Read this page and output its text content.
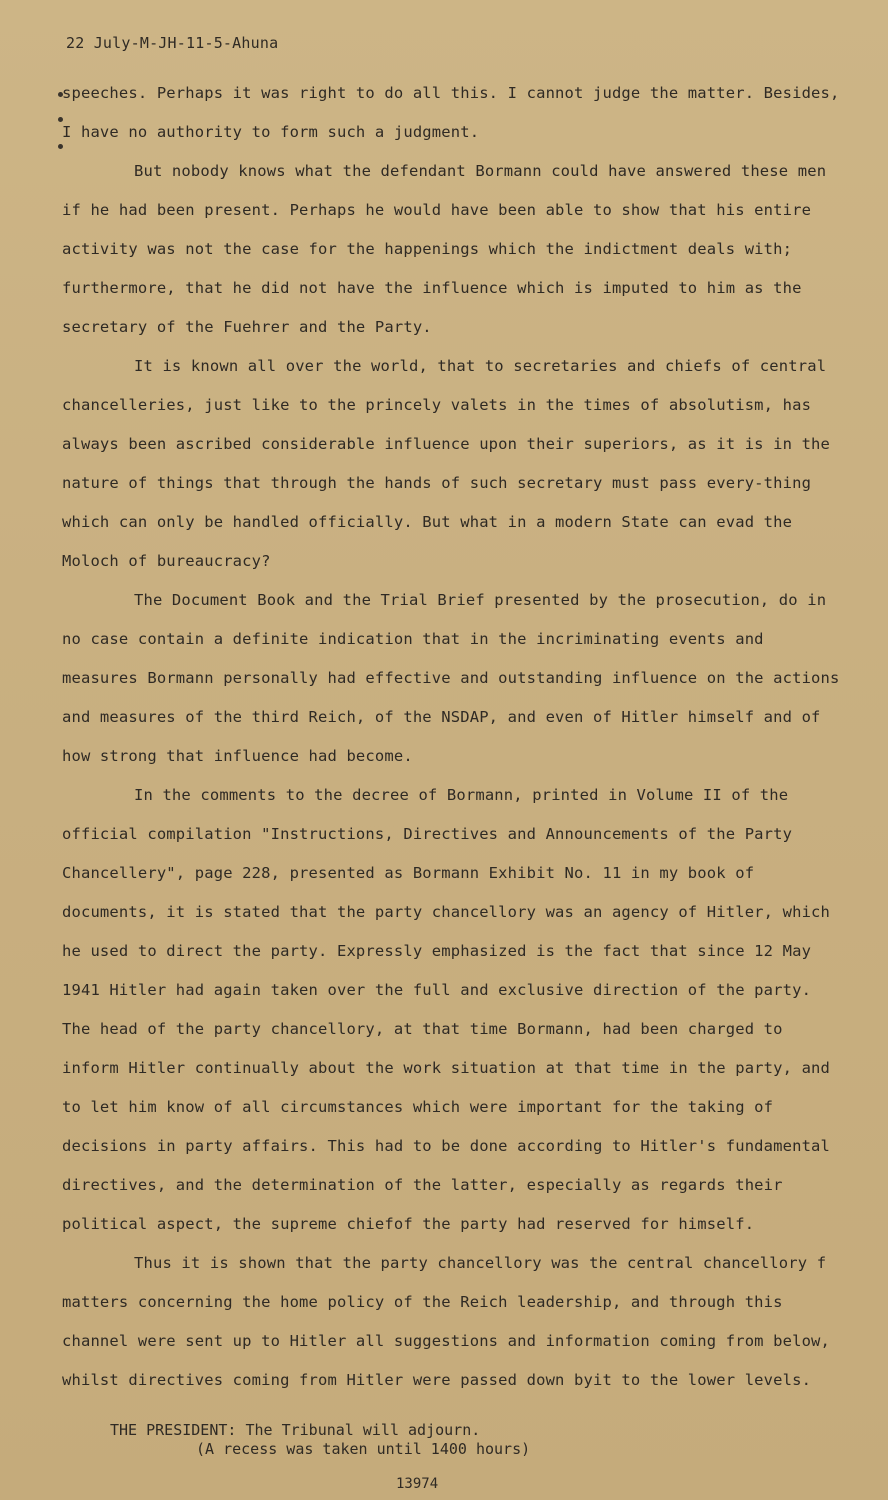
22 July-M-JH-11-5-Ahuna

speeches. Perhaps it was right to do all this. I cannot judge the matter. Besides, I have no authority to form such a judgment.

But nobody knows what the defendant Bormann could have answered these men if he had been present. Perhaps he would have been able to show that his entire activity was not the case for the happenings which the indictment deals with; furthermore, that he did not have the influence which is imputed to him as the secretary of the Fuehrer and the Party.

It is known all over the world, that to secretaries and chiefs of central chancelleries, just like to the princely valets in the times of absolutism, has always been ascribed considerable influence upon their superiors, as it is in the nature of things that through the hands of such secretary must pass every-thing which can only be handled officially. But what in a modern State can evad the Moloch of bureaucracy?

The Document Book and the Trial Brief presented by the prosecution, do in no case contain a definite indication that in the incriminating events and measures Bormann personally had effective and outstanding influence on the actions and measures of the third Reich, of the NSDAP, and even of Hitler himself and of how strong that influence had become.

In the comments to the decree of Bormann, printed in Volume II of the official compilation "Instructions, Directives and Announcements of the Party Chancellery", page 228, presented as Bormann Exhibit No. 11 in my book of documents, it is stated that the party chancellory was an agency of Hitler, which he used to direct the party. Expressly emphasized is the fact that since 12 May 1941 Hitler had again taken over the full and exclusive direction of the party. The head of the party chancellory, at that time Bormann, had been charged to inform Hitler continually about the work situation at that time in the party, and to let him know of all circumstances which were important for the taking of decisions in party affairs. This had to be done according to Hitler's fundamental directives, and the determination of the latter, especially as regards their political aspect, the supreme chiefof the party had reserved for himself.

Thus it is shown that the party chancellory was the central chancellory f matters concerning the home policy of the Reich leadership, and through this channel were sent up to Hitler all suggestions and information coming from below, whilst directives coming from Hitler were passed down byit to the lower levels.

THE PRESIDENT: The Tribunal will adjourn.
(A recess was taken until 1400 hours)
13974
